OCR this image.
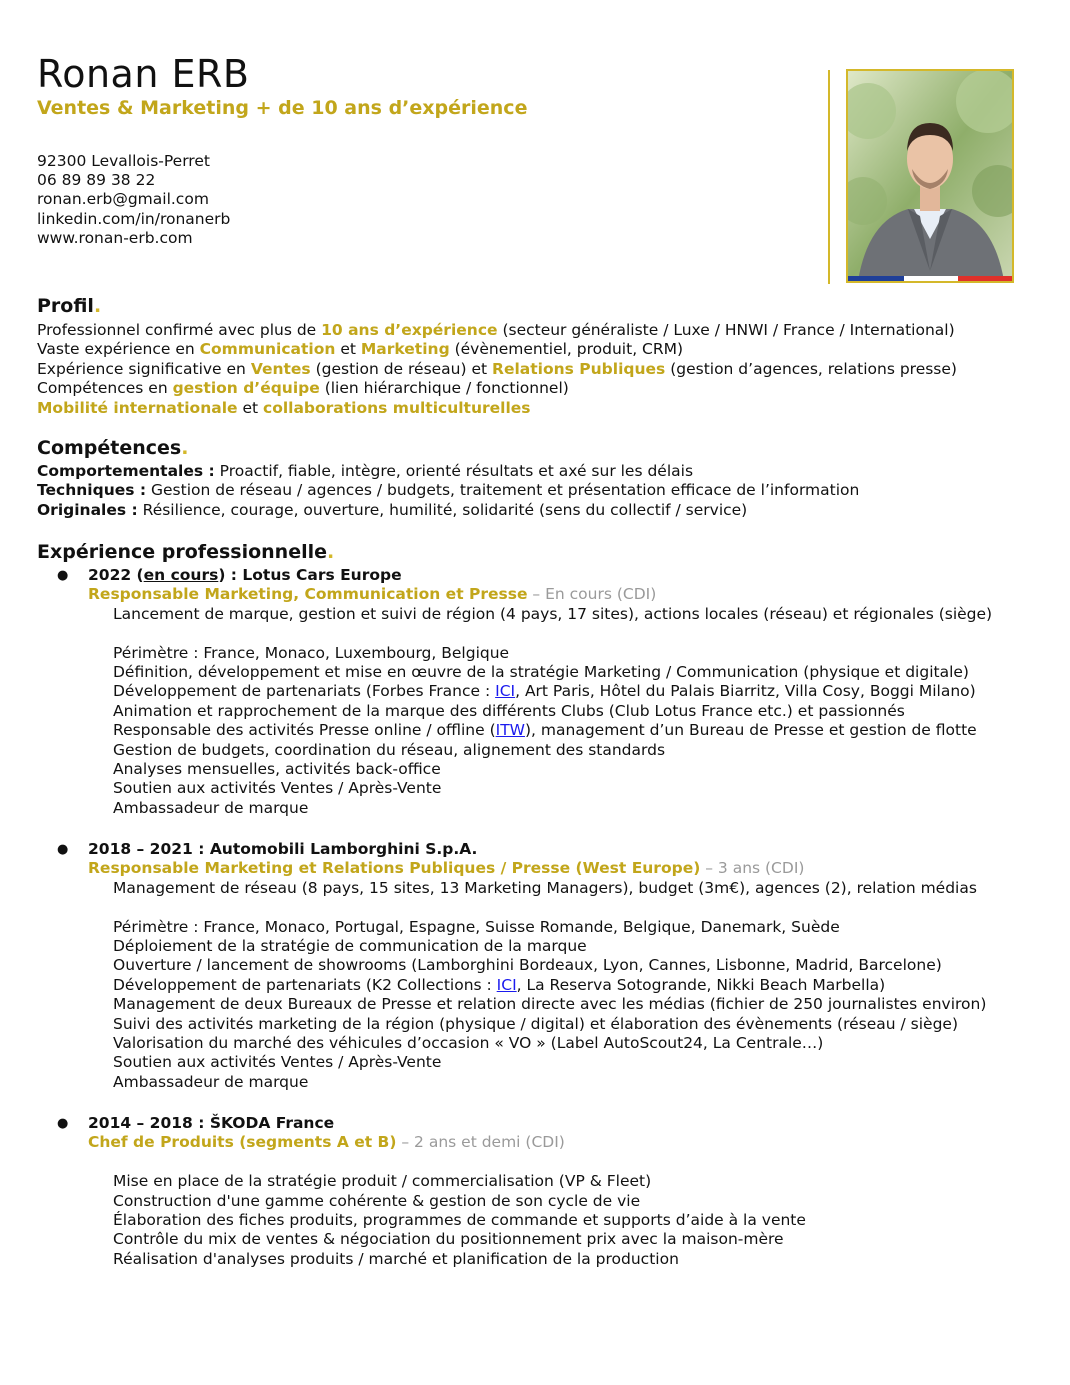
Ronan ERB
Ventes & Marketing + de 10 ans d’expérience
92300 Levallois-Perret
06 89 89 38 22
ronan.erb@gmail.com
linkedin.com/in/ronanerb
www.ronan-erb.com
Profil.
Professionnel confirmé avec plus de 10 ans d’expérience (secteur généraliste / Luxe / HNWI / France / International)
Vaste expérience en Communication et Marketing (évènementiel, produit, CRM)
Expérience significative en Ventes (gestion de réseau) et Relations Publiques (gestion d’agences, relations presse)
Compétences en gestion d’équipe (lien hiérarchique / fonctionnel)
Mobilité internationale et collaborations multiculturelles
Compétences.
Comportementales : Proactif, fiable, intègre, orienté résultats et axé sur les délais
Techniques : Gestion de réseau / agences / budgets, traitement et présentation efficace de l’information
Originales : Résilience, courage, ouverture, humilité, solidarité (sens du collectif / service)
Expérience professionnelle.
● 2022 (en cours) : Lotus Cars Europe
Responsable Marketing, Communication et Presse – En cours (CDI)
Lancement de marque, gestion et suivi de région (4 pays, 17 sites), actions locales (réseau) et régionales (siège)
Périmètre : France, Monaco, Luxembourg, Belgique
Définition, développement et mise en œuvre de la stratégie Marketing / Communication (physique et digitale)
Développement de partenariats (Forbes France : ICI, Art Paris, Hôtel du Palais Biarritz, Villa Cosy, Boggi Milano)
Animation et rapprochement de la marque des différents Clubs (Club Lotus France etc.) et passionnés
Responsable des activités Presse online / offline (ITW), management d’un Bureau de Presse et gestion de flotte
Gestion de budgets, coordination du réseau, alignement des standards
Analyses mensuelles, activités back-office
Soutien aux activités Ventes / Après-Vente
Ambassadeur de marque
● 2018 – 2021 : Automobili Lamborghini S.p.A.
Responsable Marketing et Relations Publiques / Presse (West Europe) – 3 ans (CDI)
Management de réseau (8 pays, 15 sites, 13 Marketing Managers), budget (3m€), agences (2), relation médias
Périmètre : France, Monaco, Portugal, Espagne, Suisse Romande, Belgique, Danemark, Suède
Déploiement de la stratégie de communication de la marque
Ouverture / lancement de showrooms (Lamborghini Bordeaux, Lyon, Cannes, Lisbonne, Madrid, Barcelone)
Développement de partenariats (K2 Collections : ICI, La Reserva Sotogrande, Nikki Beach Marbella)
Management de deux Bureaux de Presse et relation directe avec les médias (fichier de 250 journalistes environ)
Suivi des activités marketing de la région (physique / digital) et élaboration des évènements (réseau / siège)
Valorisation du marché des véhicules d’occasion « VO » (Label AutoScout24, La Centrale…)
Soutien aux activités Ventes / Après-Vente
Ambassadeur de marque
● 2014 – 2018 : ŠKODA France
Chef de Produits (segments A et B) – 2 ans et demi (CDI)
Mise en place de la stratégie produit / commercialisation (VP & Fleet)
Construction d'une gamme cohérente & gestion de son cycle de vie
Élaboration des fiches produits, programmes de commande et supports d’aide à la vente
Contrôle du mix de ventes & négociation du positionnement prix avec la maison-mère
Réalisation d'analyses produits / marché et planification de la production
